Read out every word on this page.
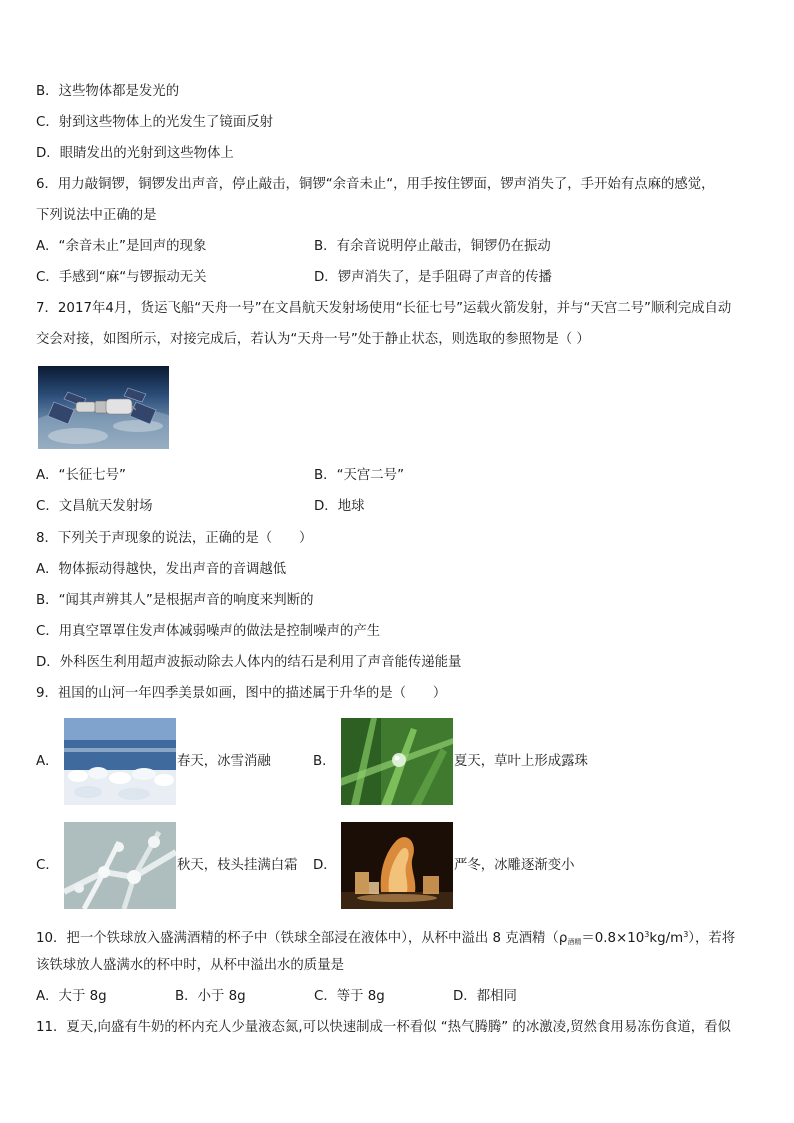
B．这些物体都是发光的
C．射到这些物体上的光发生了镜面反射
D．眼睛发出的光射到这些物体上
6．用力敲铜锣，铜锣发出声音，停止敲击，铜锣“余音未止“，用手按住锣面，锣声消失了，手开始有点麻的感觉，
下列说法中正确的是
A．“余音未止”是回声的现象	B．有余音说明停止敲击，铜锣仍在振动
C．手感到“麻“与锣振动无关	D．锣声消失了，是手阻碍了声音的传播
7．2017年4月，货运飞船“天舟一号”在文昌航天发射场使用“长征七号”运载火箭发射，并与“天宫二号”顺利完成自动
交会对接，如图所示，对接完成后，若认为“天舟一号”处于静止状态，则选取的参照物是（ ）
A．“长征七号”	B．“天宫二号”
C．文昌航天发射场	D．地球
8．下列关于声现象的说法，正确的是（　　）
A．物体振动得越快，发出声音的音调越低
B．“闻其声辨其人”是根据声音的响度来判断的
C．用真空罩罩住发声体减弱噪声的做法是控制噪声的产生
D．外科医生利用超声波振动除去人体内的结石是利用了声音能传递能量
9．祖国的山河一年四季美景如画，图中的描述属于升华的是（　　）
A．	春天，冰雪消融	B．	夏天，草叶上形成露珠
C．	秋天，枝头挂满白霜 D．	严冬，冰雕逐渐变小
10．把一个铁球放入盛满酒精的杯子中（铁球全部浸在液体中），从杯中溢出 8 克酒精$(\rho_{酒精}=0.8\times 10^3kg/m^3)$，若将
该铁球放人盛满水的杯中时，从杯中溢出水的质量是
A．大于 8g	B．小于 8g	C．等于 8g	D．都相同
11．夏天,向盛有牛奶的杯内充人少量液态氮,可以快速制成一杯看似 “热气腾腾” 的冰激凌,贸然食用易冻伤食道，看似
